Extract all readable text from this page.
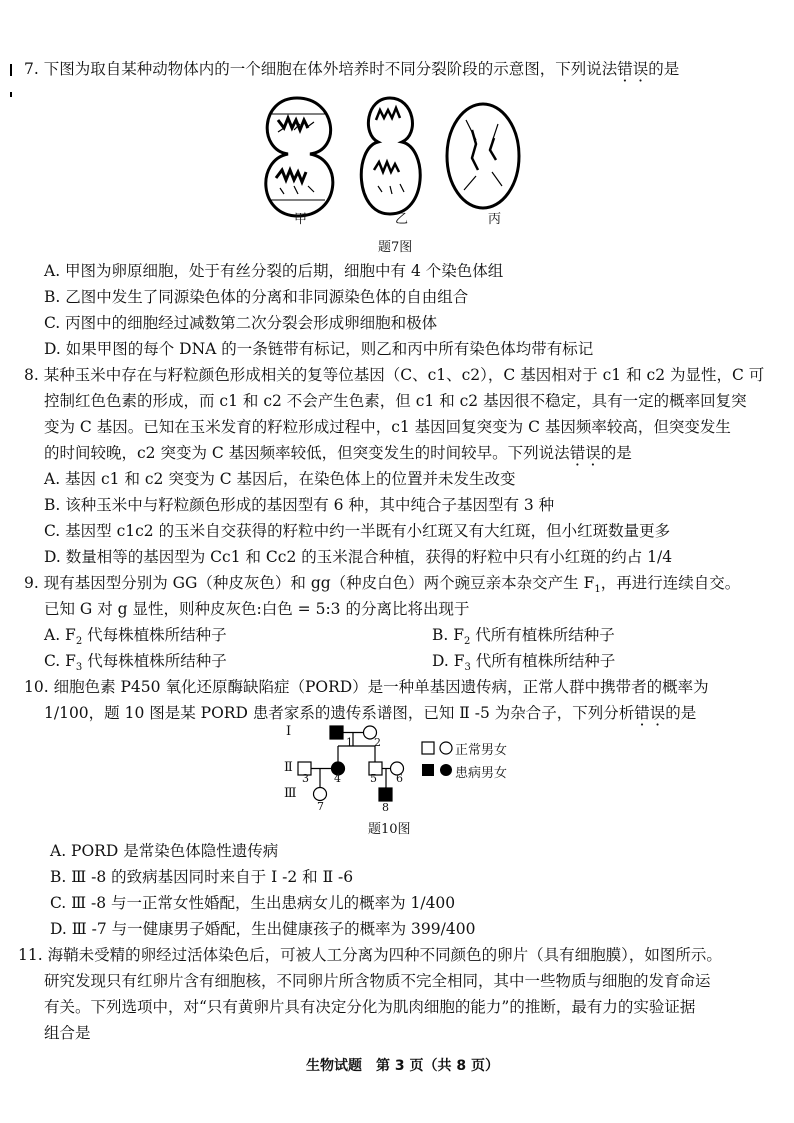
7. 下图为取自某种动物体内的一个细胞在体外培养时不同分裂阶段的示意图，下列说法错误的是
甲	乙	丙
题7图
A. 甲图为卵原细胞，处于有丝分裂的后期，细胞中有 4 个染色体组
B. 乙图中发生了同源染色体的分离和非同源染色体的自由组合
C. 丙图中的细胞经过减数第二次分裂会形成卵细胞和极体
D. 如果甲图的每个 DNA 的一条链带有标记，则乙和丙中所有染色体均带有标记
8. 某种玉米中存在与籽粒颜色形成相关的复等位基因（C、c1、c2），C 基因相对于 c1 和 c2 为显性，C 可
控制红色色素的形成，而 c1 和 c2 不会产生色素，但 c1 和 c2 基因很不稳定，具有一定的概率回复突
变为 C 基因。已知在玉米发育的籽粒形成过程中，c1 基因回复突变为 C 基因频率较高，但突变发生
的时间较晚，c2 突变为 C 基因频率较低，但突变发生的时间较早。下列说法错误的是
A. 基因 c1 和 c2 突变为 C 基因后，在染色体上的位置并未发生改变
B. 该种玉米中与籽粒颜色形成的基因型有 6 种，其中纯合子基因型有 3 种
C. 基因型 c1c2 的玉米自交获得的籽粒中约一半既有小红斑又有大红斑，但小红斑数量更多
D. 数量相等的基因型为 Cc1 和 Cc2 的玉米混合种植，获得的籽粒中只有小红斑的约占 1/4
9. 现有基因型分别为 GG（种皮灰色）和 gg（种皮白色）两个豌豆亲本杂交产生 $F_1$，再进行连续自交。
已知 G 对 g 显性，则种皮灰色:白色 = 5:3 的分离比将出现于
A. $F_2$ 代每株植株所结种子	B. $F_2$ 代所有植株所结种子
C. $F_3$ 代每株植株所结种子	D. $F_3$ 代所有植株所结种子
10. 细胞色素 P450 氧化还原酶缺陷症（PORD）是一种单基因遗传病，正常人群中携带者的概率为
1/100，题 10 图是某 PORD 患者家系的遗传系谱图，已知 Ⅱ -5 为杂合子，下列分析错误的是
Ⅰ
Ⅱ
Ⅲ
1 2
3 4	5 6
7	8
正常男女
患病男女
题10图
A. PORD 是常染色体隐性遗传病
B. Ⅲ -8 的致病基因同时来自于 Ⅰ -2 和 Ⅱ -6
C. Ⅲ -8 与一正常女性婚配，生出患病女儿的概率为 1/400
D. Ⅲ -7 与一健康男子婚配，生出健康孩子的概率为 399/400
11. 海鞘未受精的卵经过活体染色后，可被人工分离为四种不同颜色的卵片（具有细胞膜），如图所示。
研究发现只有红卵片含有细胞核，不同卵片所含物质不完全相同，其中一些物质与细胞的发育命运
有关。下列选项中，对“只有黄卵片具有决定分化为肌肉细胞的能力”的推断，最有力的实验证据
组合是
生物试题　第 3 页（共 8 页）
